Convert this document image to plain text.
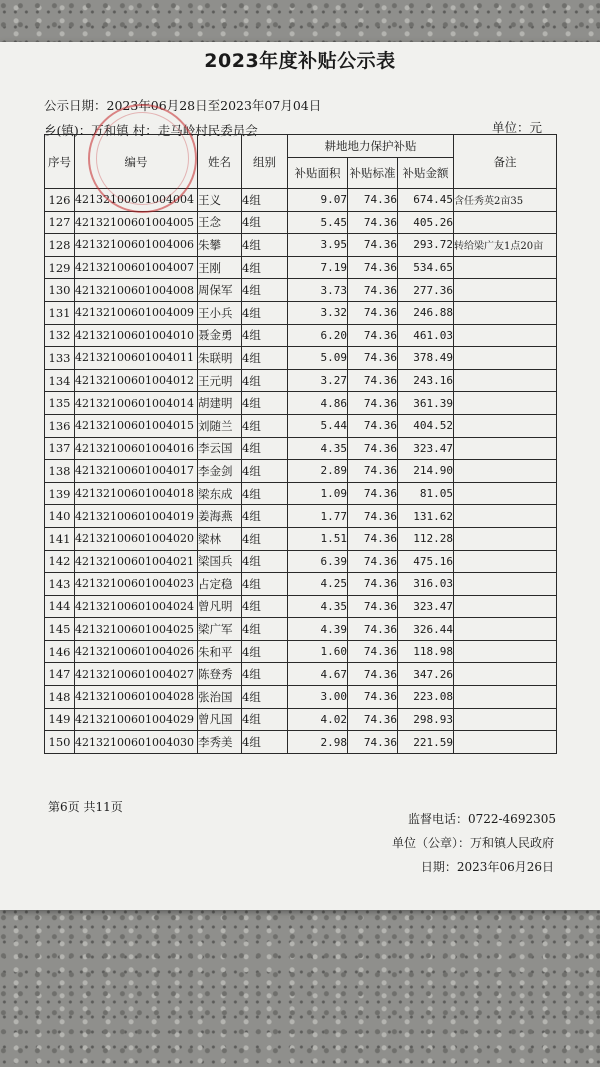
2023年度补贴公示表
公示日期：2023年06月28日至2023年07月04日
乡(镇)：万和镇 村：走马岭村民委员会	单位：元
序号	编号	姓名	组别	耕地地力保护补贴			备注
				补贴面积	补贴标准	补贴金额	
126	42132100601004004	王义	4组	9.07	74.36	674.45	含任秀英2亩35
127	42132100601004005	王念	4组	5.45	74.36	405.26	
128	42132100601004006	朱攀	4组	3.95	74.36	293.72	转给梁广友1点20亩
129	42132100601004007	王刚	4组	7.19	74.36	534.65	
130	42132100601004008	周保军	4组	3.73	74.36	277.36	
131	42132100601004009	王小兵	4组	3.32	74.36	246.88	
132	42132100601004010	聂金勇	4组	6.20	74.36	461.03	
133	42132100601004011	朱联明	4组	5.09	74.36	378.49	
134	42132100601004012	王元明	4组	3.27	74.36	243.16	
135	42132100601004014	胡建明	4组	4.86	74.36	361.39	
136	42132100601004015	刘随兰	4组	5.44	74.36	404.52	
137	42132100601004016	李云国	4组	4.35	74.36	323.47	
138	42132100601004017	李金剑	4组	2.89	74.36	214.90	
139	42132100601004018	梁东成	4组	1.09	74.36	81.05	
140	42132100601004019	姜海燕	4组	1.77	74.36	131.62	
141	42132100601004020	梁林	4组	1.51	74.36	112.28	
142	42132100601004021	梁国兵	4组	6.39	74.36	475.16	
143	42132100601004023	占定稳	4组	4.25	74.36	316.03	
144	42132100601004024	曾凡明	4组	4.35	74.36	323.47	
145	42132100601004025	梁广军	4组	4.39	74.36	326.44	
146	42132100601004026	朱和平	4组	1.60	74.36	118.98	
147	42132100601004027	陈登秀	4组	4.67	74.36	347.26	
148	42132100601004028	张治国	4组	3.00	74.36	223.08	
149	42132100601004029	曾凡国	4组	4.02	74.36	298.93	
150	42132100601004030	李秀美	4组	2.98	74.36	221.59	
第6页 共11页
监督电话：0722-4692305
单位（公章）：万和镇人民政府
日期：2023年06月26日
